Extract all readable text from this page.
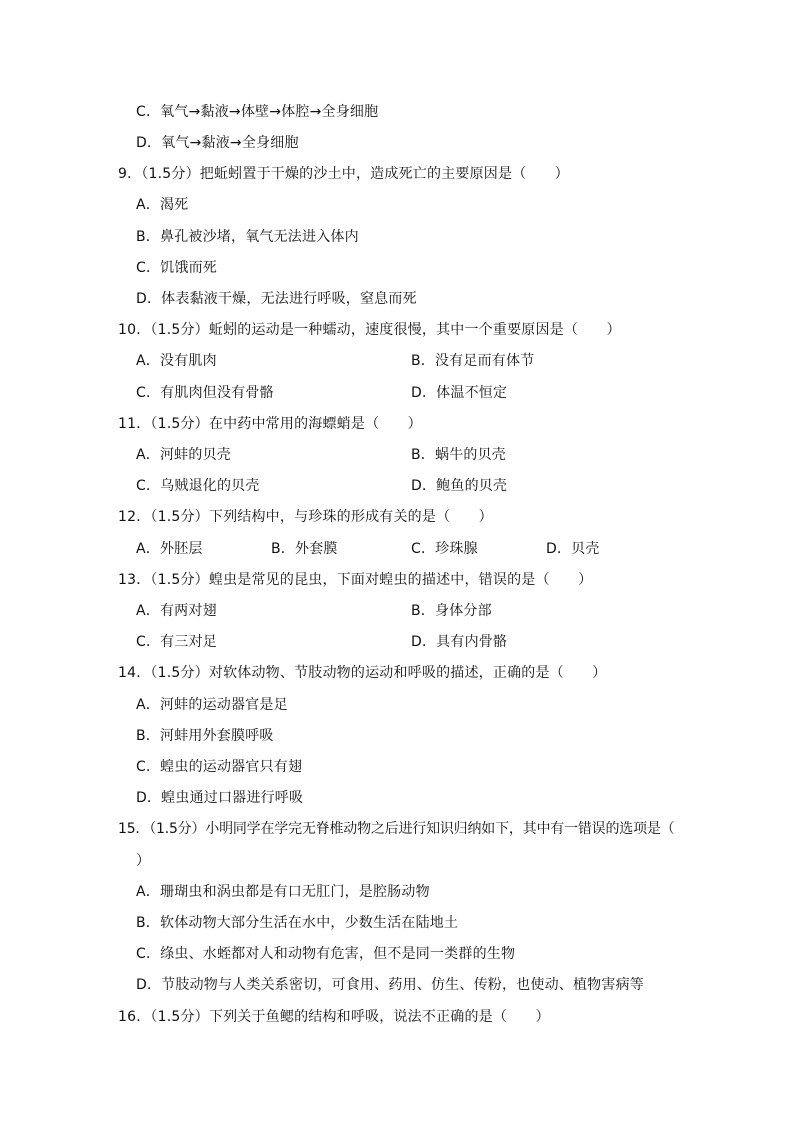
C．氧气→黏液→体壁→体腔→全身细胞
D．氧气→黏液→全身细胞
9．（1.5分）把蚯蚓置于干燥的沙土中，造成死亡的主要原因是（　　）
A．渴死
B．鼻孔被沙堵，氧气无法进入体内
C．饥饿而死
D．体表黏液干燥，无法进行呼吸，窒息而死
10．（1.5分）蚯蚓的运动是一种蠕动，速度很慢，其中一个重要原因是（　　）
A．没有肌肉	B．没有足而有体节
C．有肌肉但没有骨骼	D．体温不恒定
11．（1.5分）在中药中常用的海螵蛸是（　　）
A．河蚌的贝壳	B．蜗牛的贝壳
C．乌贼退化的贝壳	D．鲍鱼的贝壳
12．（1.5分）下列结构中，与珍珠的形成有关的是（　　）
A．外胚层	B．外套膜	C．珍珠腺	D．贝壳
13．（1.5分）蝗虫是常见的昆虫，下面对蝗虫的描述中，错误的是（　　）
A．有两对翅	B．身体分部
C．有三对足	D．具有内骨骼
14．（1.5分）对软体动物、节肢动物的运动和呼吸的描述，正确的是（　　）
A．河蚌的运动器官是足
B．河蚌用外套膜呼吸
C．蝗虫的运动器官只有翅
D．蝗虫通过口器进行呼吸
15．（1.5分）小明同学在学完无脊椎动物之后进行知识归纳如下，其中有一错误的选项是（
）
A．珊瑚虫和涡虫都是有口无肛门，是腔肠动物
B．软体动物大部分生活在水中，少数生活在陆地土
C．绦虫、水蛭都对人和动物有危害，但不是同一类群的生物
D．节肢动物与人类关系密切，可食用、药用、仿生、传粉，也使动、植物害病等
16．（1.5分）下列关于鱼鳃的结构和呼吸，说法不正确的是（　　）
